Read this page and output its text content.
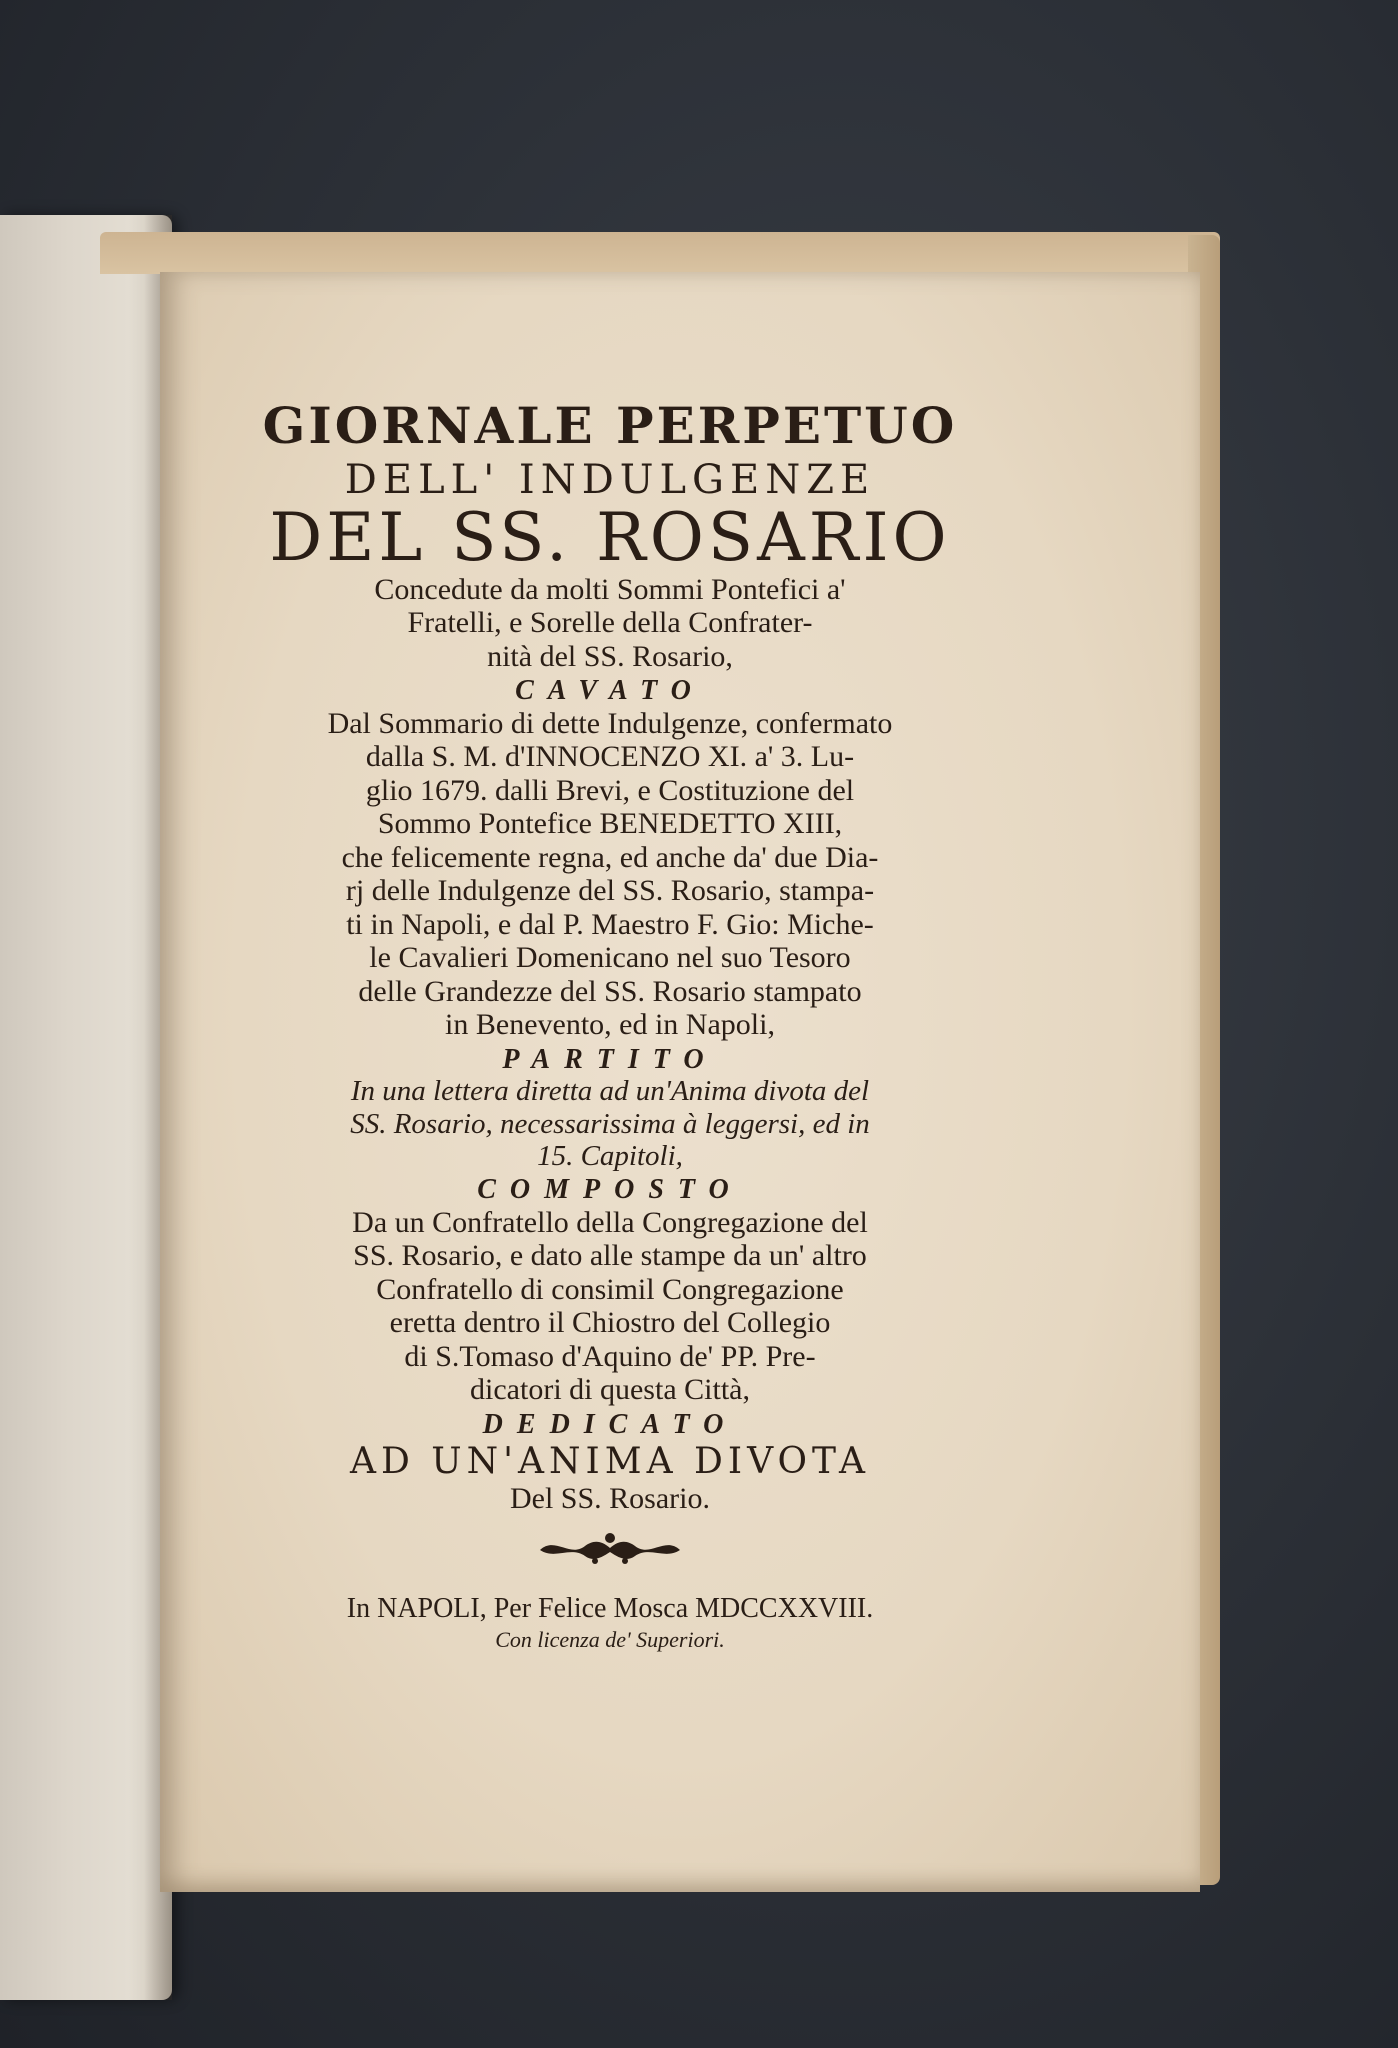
GIORNALE PERPETUO
DELL' INDULGENZE
DEL SS. ROSARIO
Concedute da molti Sommi Pontefici a'
Fratelli, e Sorelle della Confrater-
nità del SS. Rosario,
CAVATO
Dal Sommario di dette Indulgenze, confermato
dalla S. M. d'INNOCENZO XI. a' 3. Lu-
glio 1679. dalli Brevi, e Costituzione del
Sommo Pontefice BENEDETTO XIII,
che felicemente regna, ed anche da' due Dia-
rj delle Indulgenze del SS. Rosario, stampa-
ti in Napoli, e dal P. Maestro F. Gio: Miche-
le Cavalieri Domenicano nel suo Tesoro
delle Grandezze del SS. Rosario stampato
in Benevento, ed in Napoli,
PARTITO
In una lettera diretta ad un'Anima divota del
SS. Rosario, necessarissima à leggersi, ed in
15. Capitoli,
COMPOSTO
Da un Confratello della Congregazione del
SS. Rosario, e dato alle stampe da un' altro
Confratello di consimil Congregazione
eretta dentro il Chiostro del Collegio
di S.Tomaso d'Aquino de' PP. Pre-
dicatori di questa Città,
DEDICATO
AD UN'ANIMA DIVOTA
Del SS. Rosario.
In NAPOLI, Per Felice Mosca MDCCXXVIII.
Con licenza de' Superiori.
